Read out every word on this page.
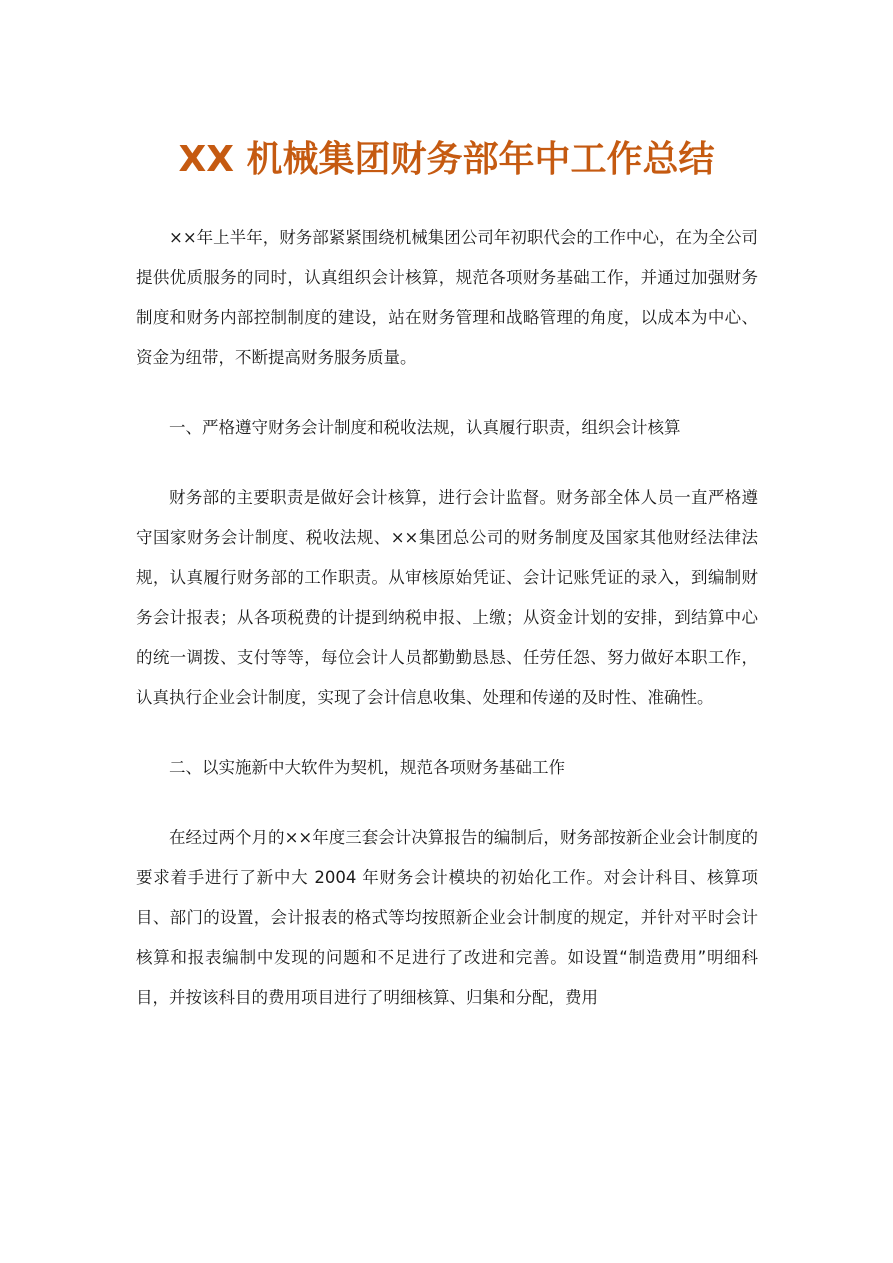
XX 机械集团财务部年中工作总结

××年上半年，财务部紧紧围绕机械集团公司年初职代会的工作中心，在为全公司提供优质服务的同时，认真组织会计核算，规范各项财务基础工作，并通过加强财务制度和财务内部控制制度的建设，站在财务管理和战略管理的角度，以成本为中心、资金为纽带，不断提高财务服务质量。

一、严格遵守财务会计制度和税收法规，认真履行职责，组织会计核算

财务部的主要职责是做好会计核算，进行会计监督。财务部全体人员一直严格遵守国家财务会计制度、税收法规、××集团总公司的财务制度及国家其他财经法律法规，认真履行财务部的工作职责。从审核原始凭证、会计记账凭证的录入，到编制财务会计报表；从各项税费的计提到纳税申报、上缴；从资金计划的安排，到结算中心的统一调拨、支付等等，每位会计人员都勤勤恳恳、任劳任怨、努力做好本职工作，认真执行企业会计制度，实现了会计信息收集、处理和传递的及时性、准确性。

二、以实施新中大软件为契机，规范各项财务基础工作

在经过两个月的××年度三套会计决算报告的编制后，财务部按新企业会计制度的要求着手进行了新中大 2004 年财务会计模块的初始化工作。对会计科目、核算项目、部门的设置，会计报表的格式等均按照新企业会计制度的规定，并针对平时会计核算和报表编制中发现的问题和不足进行了改进和完善。如设置“制造费用”明细科目，并按该科目的费用项目进行了明细核算、归集和分配，费用
